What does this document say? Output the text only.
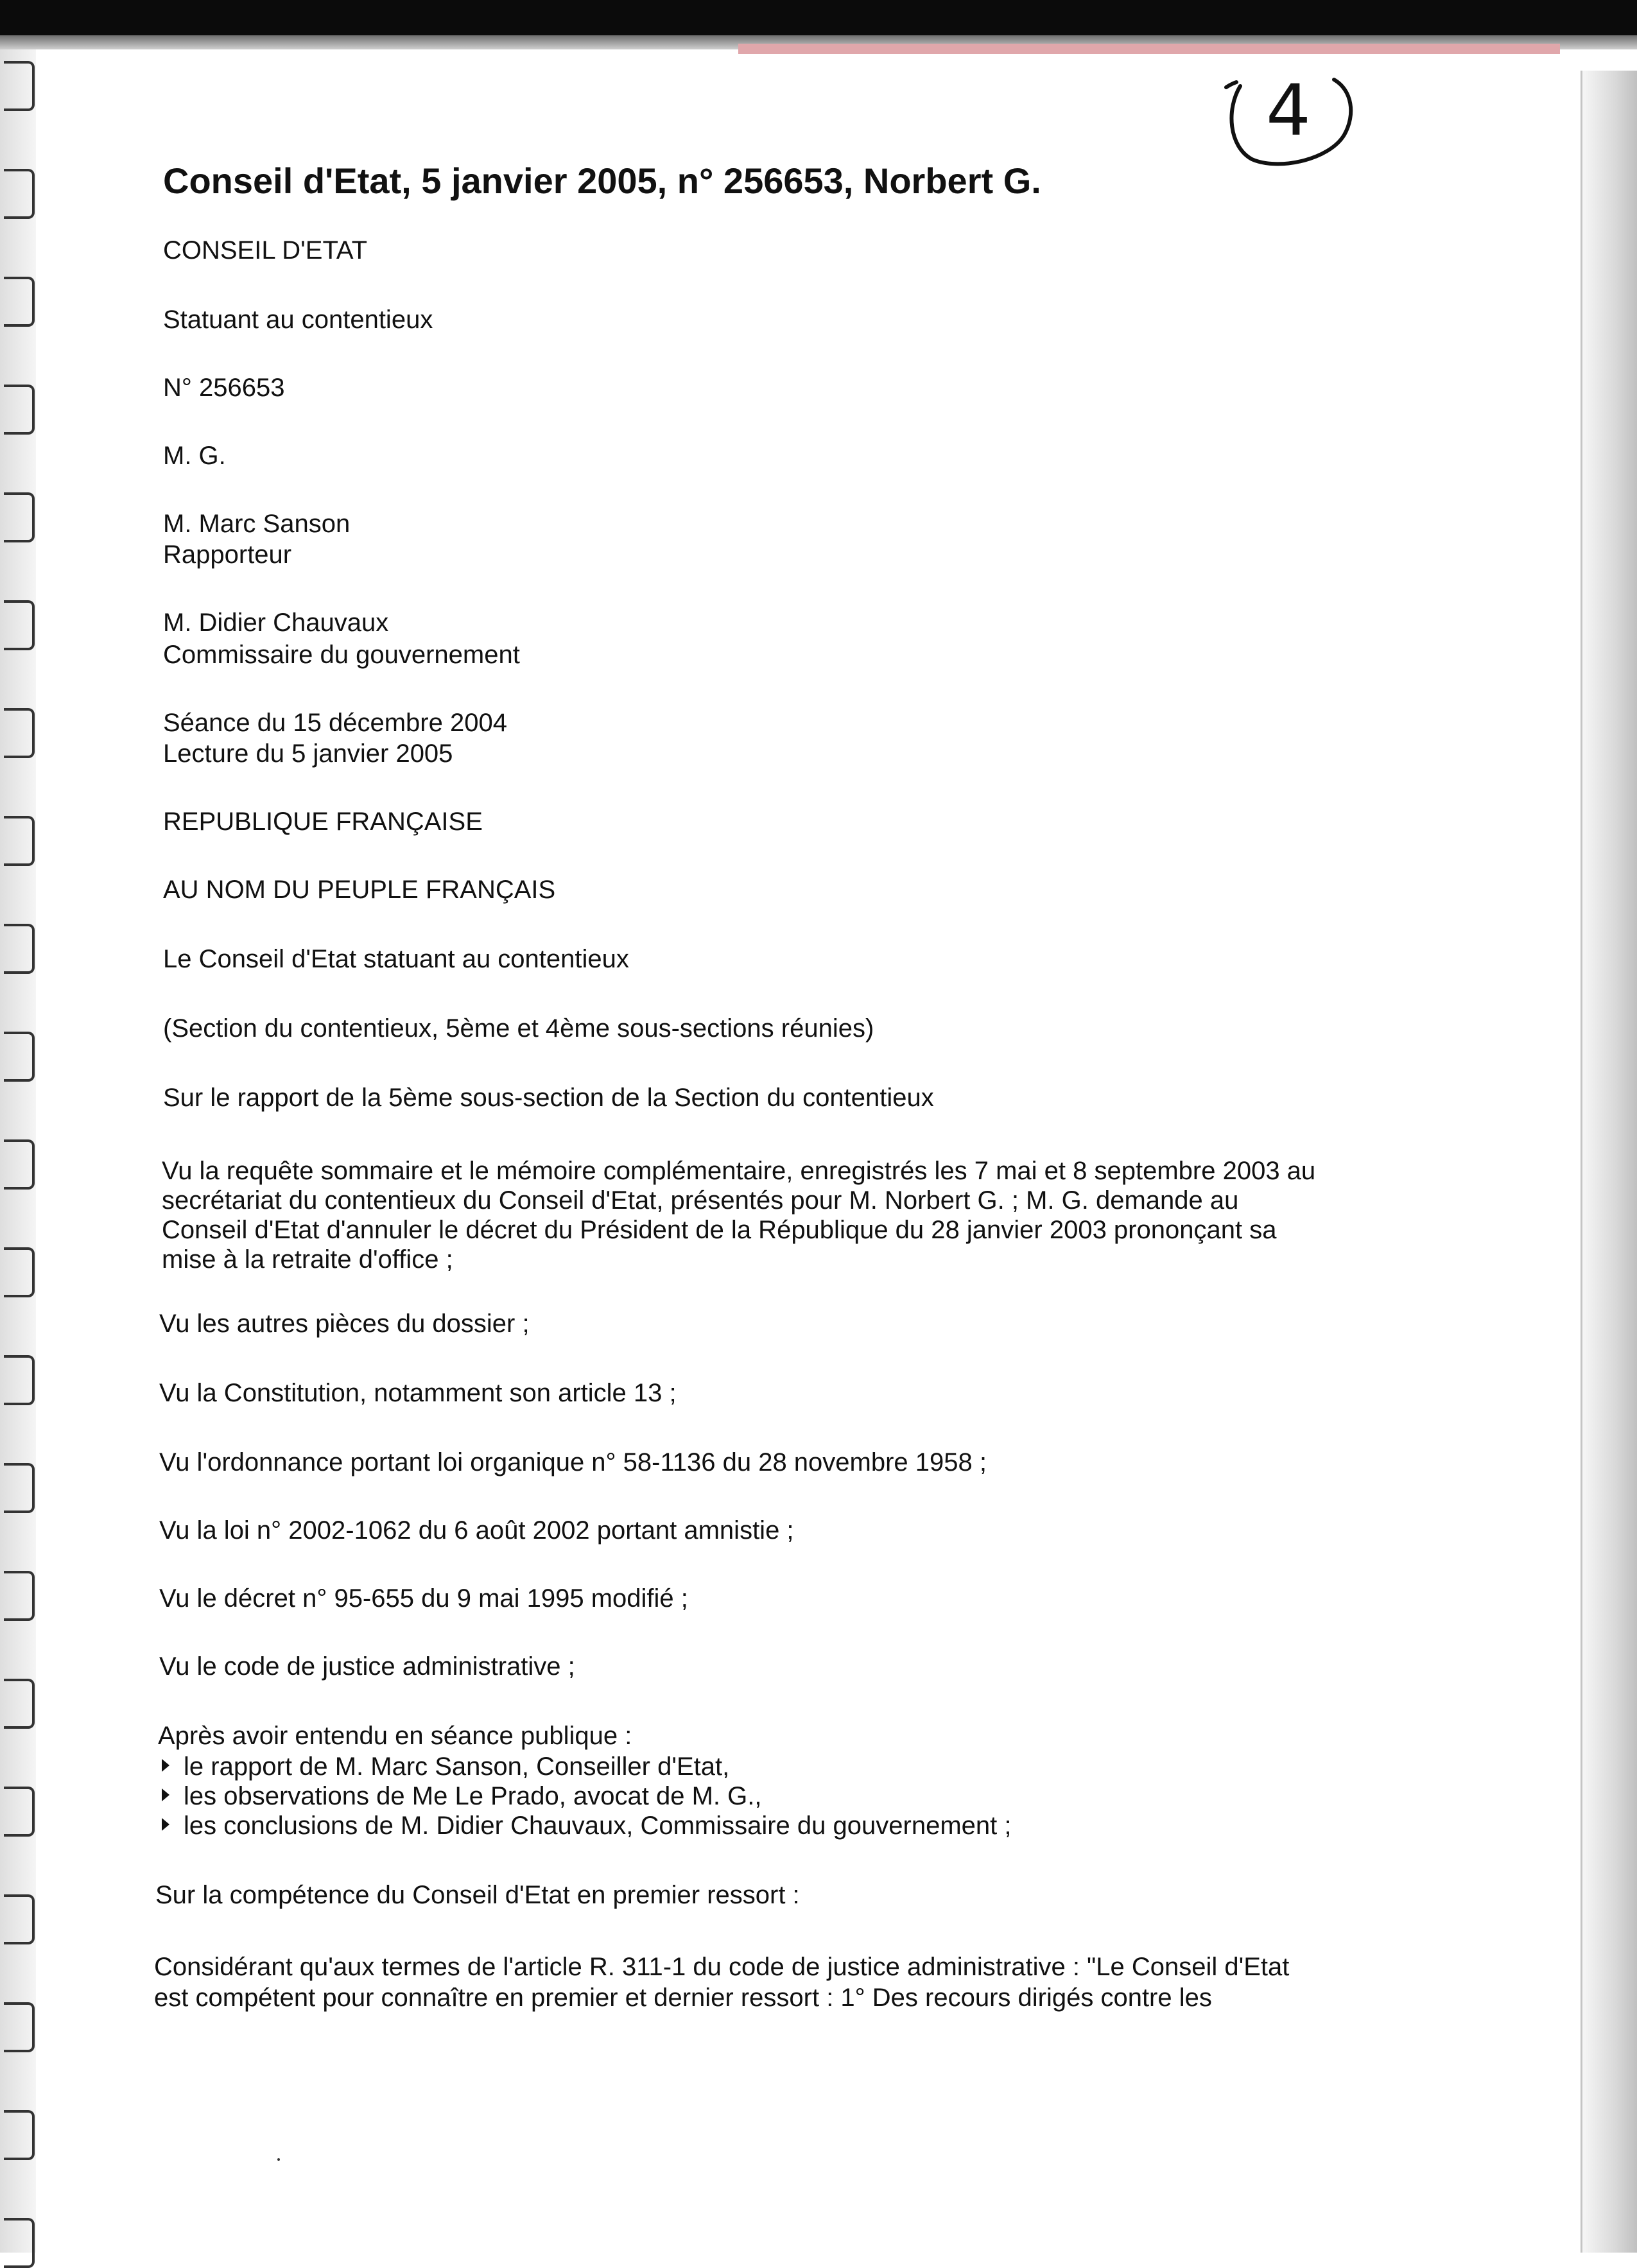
4
Conseil d'Etat, 5 janvier 2005, n° 256653, Norbert G.
CONSEIL D'ETAT
Statuant au contentieux
N° 256653
M. G.
M. Marc Sanson
Rapporteur
M. Didier Chauvaux
Commissaire du gouvernement
Séance du 15 décembre 2004
Lecture du 5 janvier 2005
REPUBLIQUE FRANÇAISE
AU NOM DU PEUPLE FRANÇAIS
Le Conseil d'Etat statuant au contentieux
(Section du contentieux, 5ème et 4ème sous-sections réunies)
Sur le rapport de la 5ème sous-section de la Section du contentieux
Vu la requête sommaire et le mémoire complémentaire, enregistrés les 7 mai et 8 septembre 2003 au
secrétariat du contentieux du Conseil d'Etat, présentés pour M. Norbert G. ; M. G. demande au
Conseil d'Etat d'annuler le décret du Président de la République du 28 janvier 2003 prononçant sa
mise à la retraite d'office ;
Vu les autres pièces du dossier ;
Vu la Constitution, notamment son article 13 ;
Vu l'ordonnance portant loi organique n° 58-1136 du 28 novembre 1958 ;
Vu la loi n° 2002-1062 du 6 août 2002 portant amnistie ;
Vu le décret n° 95-655 du 9 mai 1995 modifié ;
Vu le code de justice administrative ;
Après avoir entendu en séance publique :
le rapport de M. Marc Sanson, Conseiller d'Etat,
les observations de Me Le Prado, avocat de M. G.,
les conclusions de M. Didier Chauvaux, Commissaire du gouvernement ;
Sur la compétence du Conseil d'Etat en premier ressort :
Considérant qu'aux termes de l'article R. 311-1 du code de justice administrative : "Le Conseil d'Etat
est compétent pour connaître en premier et dernier ressort : 1° Des recours dirigés contre les
